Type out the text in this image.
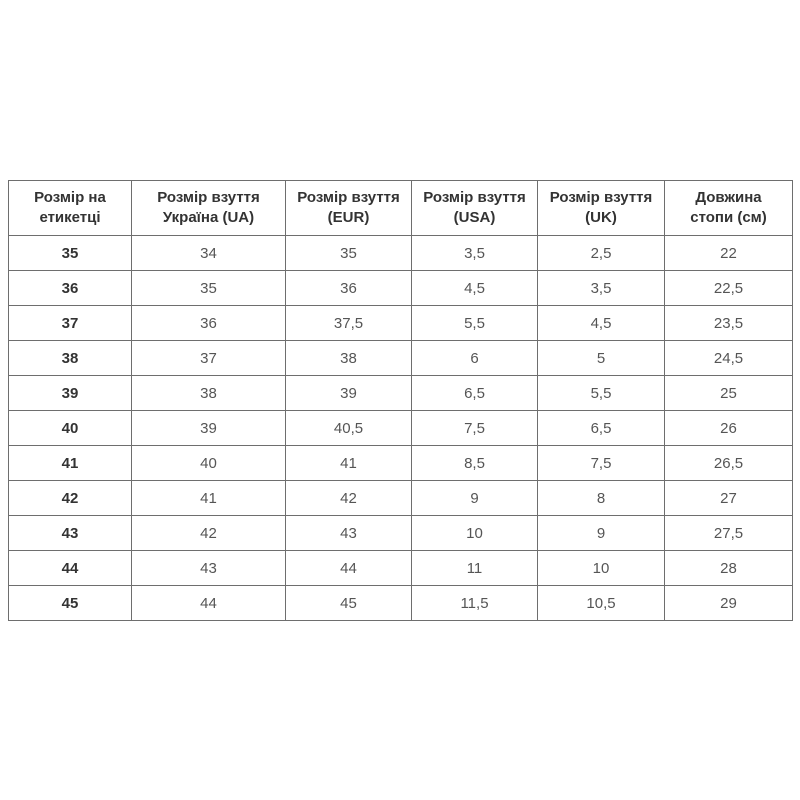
Розмір на етикетці	Розмір взуття Україна (UA)	Розмір взуття (EUR)	Розмір взуття (USA)	Розмір взуття (UK)	Довжина стопи (см)
35	34	35	3,5	2,5	22
36	35	36	4,5	3,5	22,5
37	36	37,5	5,5	4,5	23,5
38	37	38	6	5	24,5
39	38	39	6,5	5,5	25
40	39	40,5	7,5	6,5	26
41	40	41	8,5	7,5	26,5
42	41	42	9	8	27
43	42	43	10	9	27,5
44	43	44	11	10	28
45	44	45	11,5	10,5	29
